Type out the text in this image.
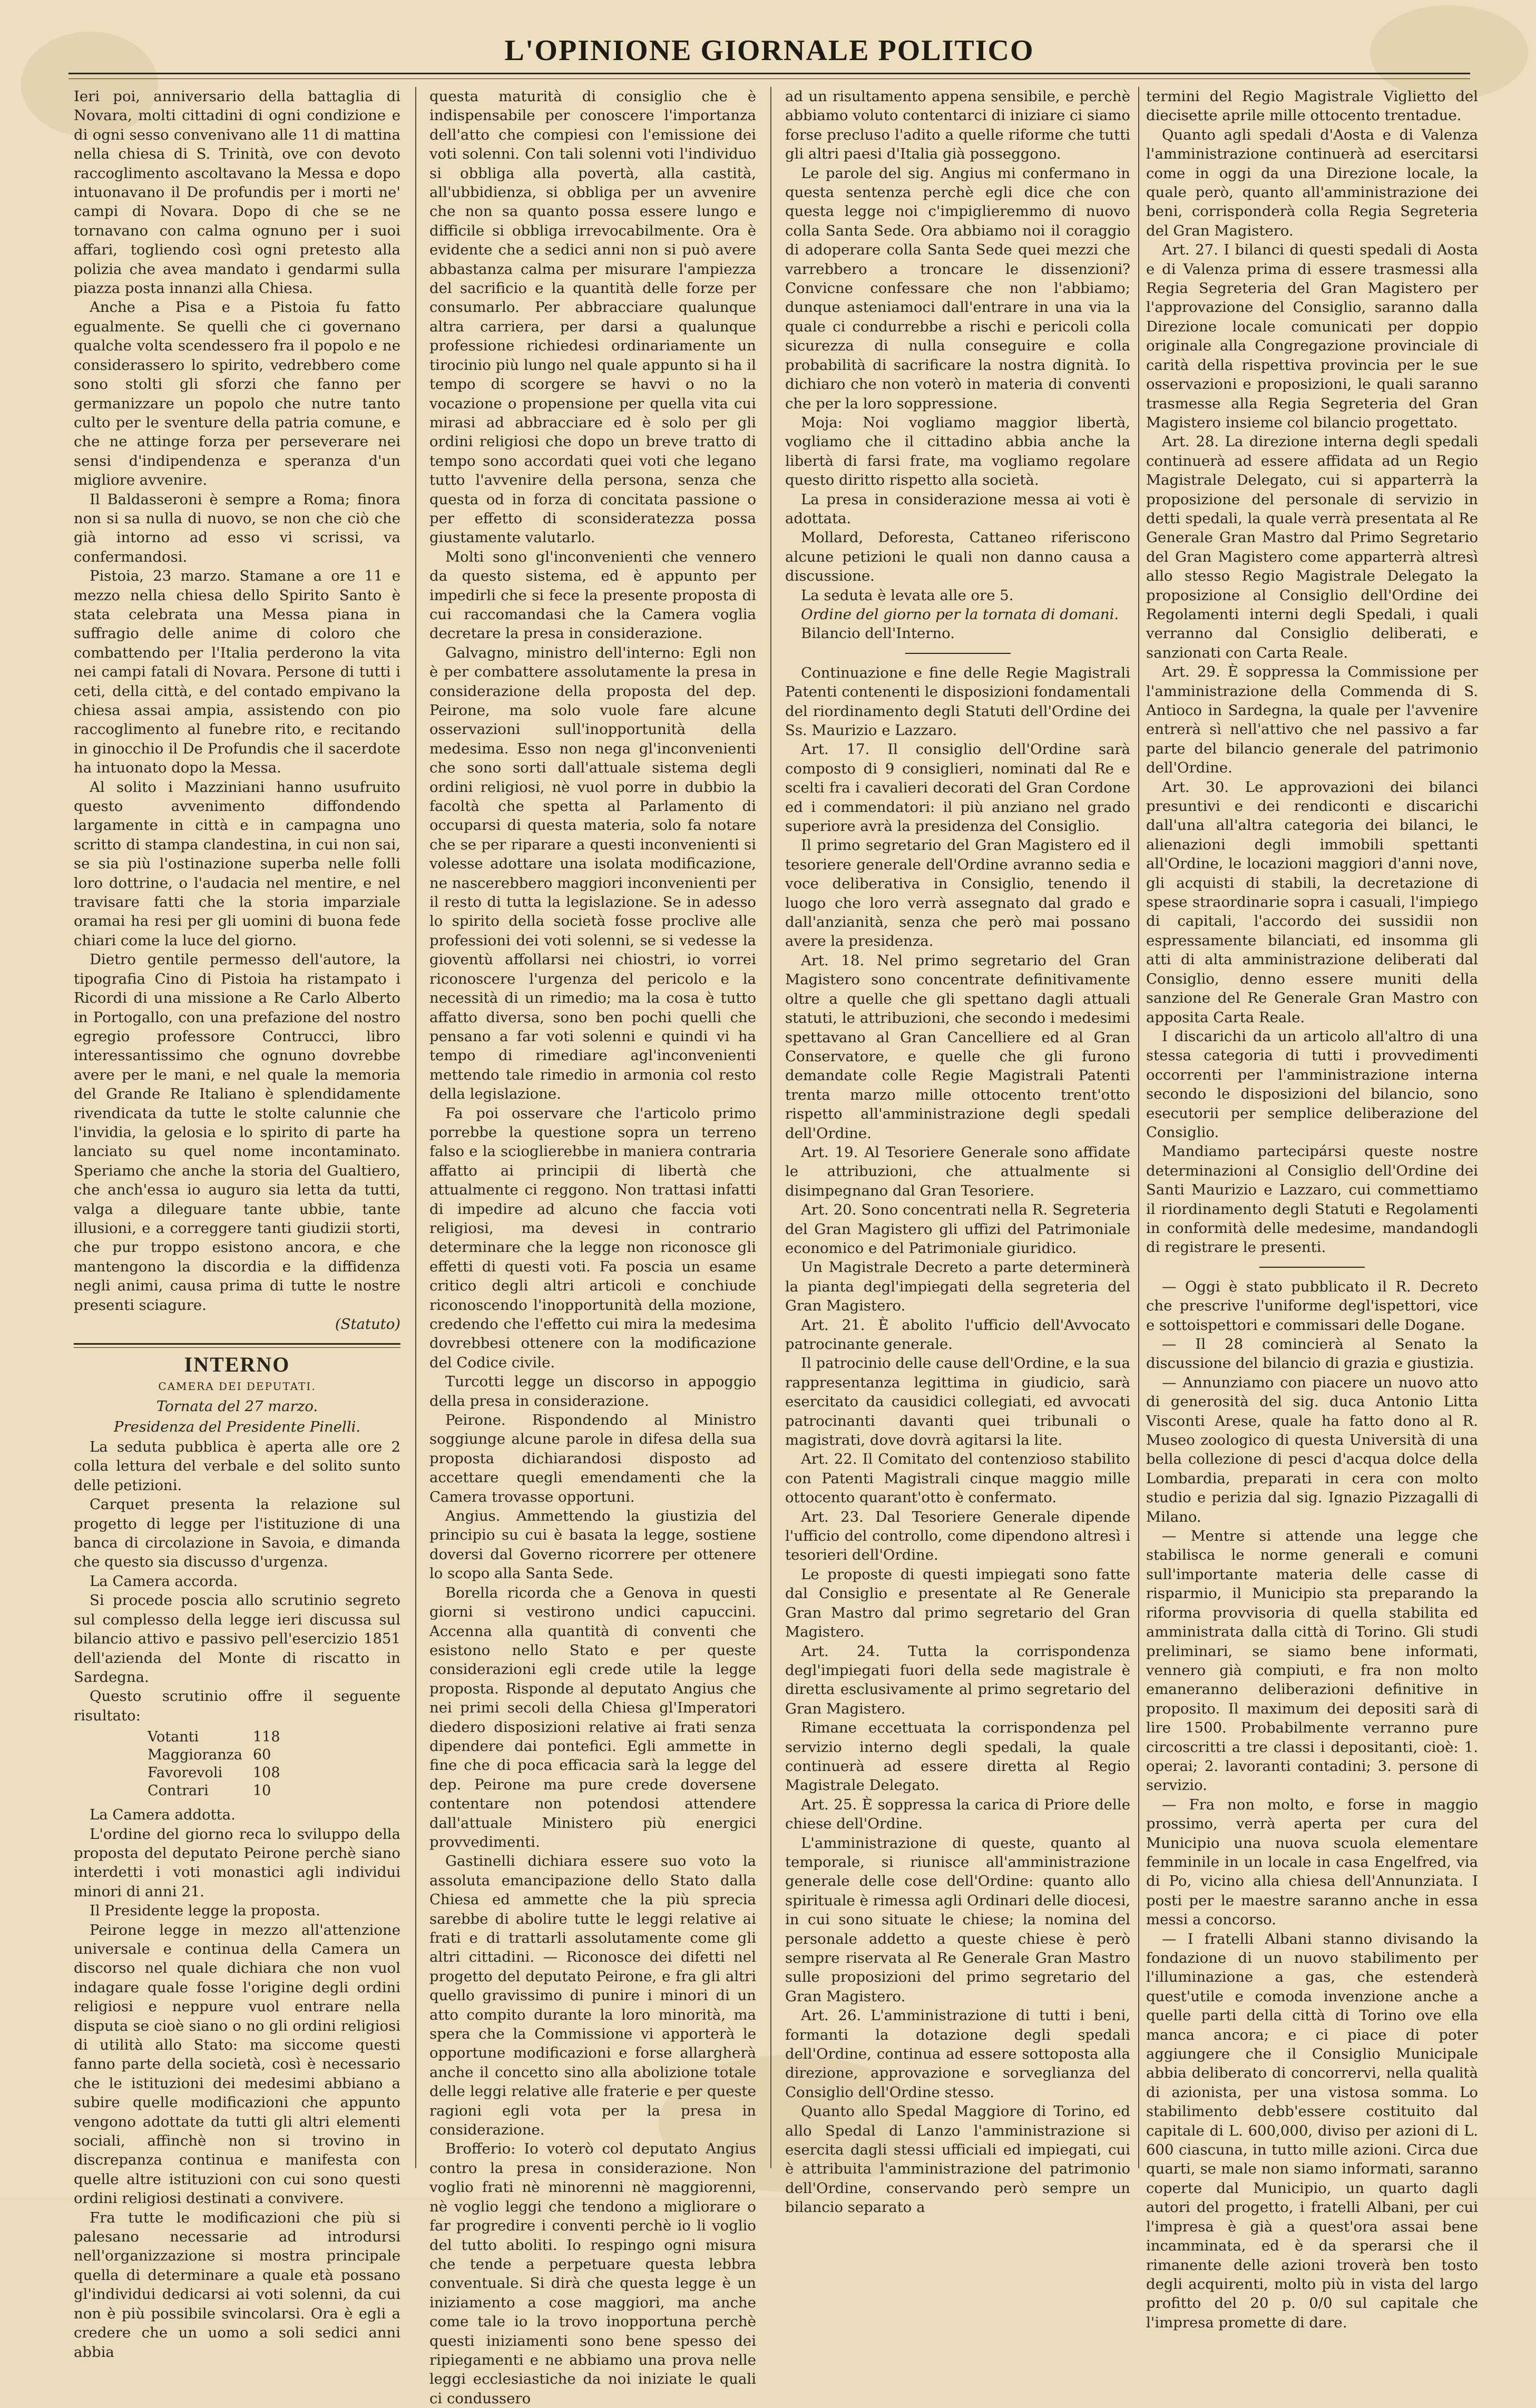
L'OPINIONE GIORNALE POLITICO

Ieri poi, anniversario della battaglia di Novara, molti cittadini di ogni condizione e di ogni sesso convenivano alle 11 di mattina nella chiesa di S. Trinità, ove con devoto raccoglimento ascoltavano la Messa e dopo intuonavano il De profundis per i morti ne' campi di Novara. Dopo di che se ne tornavano con calma ognuno per i suoi affari, togliendo così ogni pretesto alla polizia che avea mandato i gendarmi sulla piazza posta innanzi alla Chiesa.

Anche a Pisa e a Pistoia fu fatto egualmente. Se quelli che ci governano qualche volta scendessero fra il popolo e ne considerassero lo spirito, vedrebbero come sono stolti gli sforzi che fanno per germanizzare un popolo che nutre tanto culto per le sventure della patria comune, e che ne attinge forza per perseverare nei sensi d'indipendenza e speranza d'un migliore avvenire.

Il Baldasseroni è sempre a Roma; finora non si sa nulla di nuovo, se non che ciò che già intorno ad esso vi scrissi, va confermandosi.

Pistoia, 23 marzo. Stamane a ore 11 e mezzo nella chiesa dello Spirito Santo è stata celebrata una Messa piana in suffragio delle anime di coloro che combattendo per l'Italia perderono la vita nei campi fatali di Novara. Persone di tutti i ceti, della città, e del contado empivano la chiesa assai ampia, assistendo con pio raccoglimento al funebre rito, e recitando in ginocchio il De Profundis che il sacerdote ha intuonato dopo la Messa.

Al solito i Mazziniani hanno usufruito questo avvenimento diffondendo largamente in città e in campagna uno scritto di stampa clandestina, in cui non sai, se sia più l'ostinazione superba nelle folli loro dottrine, o l'audacia nel mentire, e nel travisare fatti che la storia imparziale oramai ha resi per gli uomini di buona fede chiari come la luce del giorno.

Dietro gentile permesso dell'autore, la tipografia Cino di Pistoia ha ristampato i Ricordi di una missione a Re Carlo Alberto in Portogallo, con una prefazione del nostro egregio professore Contrucci, libro interessantissimo che ognuno dovrebbe avere per le mani, e nel quale la memoria del Grande Re Italiano è splendidamente rivendicata da tutte le stolte calunnie che l'invidia, la gelosia e lo spirito di parte ha lanciato su quel nome incontaminato. Speriamo che anche la storia del Gualtiero, che anch'essa io auguro sia letta da tutti, valga a dileguare tante ubbie, tante illusioni, e a correggere tanti giudizii storti, che pur troppo esistono ancora, e che mantengono la discordia e la diffidenza negli animi, causa prima di tutte le nostre presenti sciagure.

(Statuto)

INTERNO
CAMERA DEI DEPUTATI.
Tornata del 27 marzo.
Presidenza del Presidente Pinelli.

La seduta pubblica è aperta alle ore 2 colla lettura del verbale e del solito sunto delle petizioni.

Carquet presenta la relazione sul progetto di legge per l'istituzione di una banca di circolazione in Savoia, e dimanda che questo sia discusso d'urgenza.

La Camera accorda.

Si procede poscia allo scrutinio segreto sul complesso della legge ieri discussa sul bilancio attivo e passivo pell'esercizio 1851 dell'azienda del Monte di riscatto in Sardegna.

Questo scrutinio offre il seguente risultato:

Votanti	118
Maggioranza 60
Favorevoli	108
Contrari	10

La Camera addotta.

L'ordine del giorno reca lo sviluppo della proposta del deputato Peirone perchè siano interdetti i voti monastici agli individui minori di anni 21.

Il Presidente legge la proposta.

Peirone legge in mezzo all'attenzione universale e continua della Camera un discorso nel quale dichiara che non vuol indagare quale fosse l'origine degli ordini religiosi e neppure vuol entrare nella disputa se cioè siano o no gli ordini religiosi di utilità allo Stato: ma siccome questi fanno parte della società, così è necessario che le istituzioni dei medesimi abbiano a subire quelle modificazioni che appunto vengono adottate da tutti gli altri elementi sociali, affinchè non si trovino in discrepanza continua e manifesta con quelle altre istituzioni con cui sono questi ordini religiosi destinati a convivere.

Fra tutte le modificazioni che più si palesano necessarie ad introdursi nell'organizzazione si mostra principale quella di determinare a quale età possano gl'individui dedicarsi ai voti solenni, da cui non è più possibile svincolarsi. Ora è egli a credere che un uomo a soli sedici anni abbia

questa maturità di consiglio che è indispensabile per conoscere l'importanza dell'atto che compiesi con l'emissione dei voti solenni. Con tali solenni voti l'individuo si obbliga alla povertà, alla castità, all'ubbidienza, si obbliga per un avvenire che non sa quanto possa essere lungo e difficile si obbliga irrevocabilmente. Ora è evidente che a sedici anni non si può avere abbastanza calma per misurare l'ampiezza del sacrificio e la quantità delle forze per consumarlo. Per abbracciare qualunque altra carriera, per darsi a qualunque professione richiedesi ordinariamente un tirocinio più lungo nel quale appunto si ha il tempo di scorgere se havvi o no la vocazione o propensione per quella vita cui mirasi ad abbracciare ed è solo per gli ordini religiosi che dopo un breve tratto di tempo sono accordati quei voti che legano tutto l'avvenire della persona, senza che questa od in forza di concitata passione o per effetto di sconsideratezza possa giustamente valutarlo.

Molti sono gl'inconvenienti che vennero da questo sistema, ed è appunto per impedirli che si fece la presente proposta di cui raccomandasi che la Camera voglia decretare la presa in considerazione.

Galvagno, ministro dell'interno: Egli non è per combattere assolutamente la presa in considerazione della proposta del dep. Peirone, ma solo vuole fare alcune osservazioni sull'inopportunità della medesima. Esso non nega gl'inconvenienti che sono sorti dall'attuale sistema degli ordini religiosi, nè vuol porre in dubbio la facoltà che spetta al Parlamento di occuparsi di questa materia, solo fa notare che se per riparare a questi inconvenienti si volesse adottare una isolata modificazione, ne nascerebbero maggiori inconvenienti per il resto di tutta la legislazione. Se in adesso lo spirito della società fosse proclive alle professioni dei voti solenni, se si vedesse la gioventù affollarsi nei chiostri, io vorrei riconoscere l'urgenza del pericolo e la necessità di un rimedio; ma la cosa è tutto affatto diversa, sono ben pochi quelli che pensano a far voti solenni e quindi vi ha tempo di rimediare agl'inconvenienti mettendo tale rimedio in armonia col resto della legislazione.

Fa poi osservare che l'articolo primo porrebbe la questione sopra un terreno falso e la scioglierebbe in maniera contraria affatto ai principii di libertà che attualmente ci reggono. Non trattasi infatti di impedire ad alcuno che faccia voti religiosi, ma devesi in contrario determinare che la legge non riconosce gli effetti di questi voti. Fa poscia un esame critico degli altri articoli e conchiude riconoscendo l'inopportunità della mozione, credendo che l'effetto cui mira la medesima dovrebbesi ottenere con la modificazione del Codice civile.

Turcotti legge un discorso in appoggio della presa in considerazione.

Peirone. Rispondendo al Ministro soggiunge alcune parole in difesa della sua proposta dichiarandosi disposto ad accettare quegli emendamenti che la Camera trovasse opportuni.

Angius. Ammettendo la giustizia del principio su cui è basata la legge, sostiene doversi dal Governo ricorrere per ottenere lo scopo alla Santa Sede.

Borella ricorda che a Genova in questi giorni si vestirono undici capuccini. Accenna alla quantità di conventi che esistono nello Stato e per queste considerazioni egli crede utile la legge proposta. Risponde al deputato Angius che nei primi secoli della Chiesa gl'Imperatori diedero disposizioni relative ai frati senza dipendere dai pontefici. Egli ammette in fine che di poca efficacia sarà la legge del dep. Peirone ma pure crede doversene contentare non potendosi attendere dall'attuale Ministero più energici provvedimenti.

Gastinelli dichiara essere suo voto la assoluta emancipazione dello Stato dalla Chiesa ed ammette che la più sprecia sarebbe di abolire tutte le leggi relative ai frati e di trattarli assolutamente come gli altri cittadini. — Riconosce dei difetti nel progetto del deputato Peirone, e fra gli altri quello gravissimo di punire i minori di un atto compito durante la loro minorità, ma spera che la Commissione vi apporterà le opportune modificazioni e forse allargherà anche il concetto sino alla abolizione totale delle leggi relative alle fraterie e per queste ragioni egli vota per la presa in considerazione.

Brofferio: Io voterò col deputato Angius contro la presa in considerazione. Non voglio frati nè minorenni nè maggiorenni, nè voglio leggi che tendono a migliorare o far progredire i conventi perchè io li voglio del tutto aboliti. Io respingo ogni misura che tende a perpetuare questa lebbra conventuale. Si dirà che questa legge è un iniziamento a cose maggiori, ma anche come tale io la trovo inopportuna perchè questi iniziamenti sono bene spesso dei ripiegamenti e ne abbiamo una prova nelle leggi ecclesiastiche da noi iniziate le quali ci condussero

ad un risultamento appena sensibile, e perchè abbiamo voluto contentarci di iniziare ci siamo forse precluso l'adito a quelle riforme che tutti gli altri paesi d'Italia già posseggono.

Le parole del sig. Angius mi confermano in questa sentenza perchè egli dice che con questa legge noi c'impiglieremmo di nuovo colla Santa Sede. Ora abbiamo noi il coraggio di adoperare colla Santa Sede quei mezzi che varrebbero a troncare le dissenzioni? Convicne confessare che non l'abbiamo; dunque asteniamoci dall'entrare in una via la quale ci condurrebbe a rischi e pericoli colla sicurezza di nulla conseguire e colla probabilità di sacrificare la nostra dignità. Io dichiaro che non voterò in materia di conventi che per la loro soppressione.

Moja: Noi vogliamo maggior libertà, vogliamo che il cittadino abbia anche la libertà di farsi frate, ma vogliamo regolare questo diritto rispetto alla società.

La presa in considerazione messa ai voti è adottata.

Mollard, Deforesta, Cattaneo riferiscono alcune petizioni le quali non danno causa a discussione.

La seduta è levata alle ore 5.

Ordine del giorno per la tornata di domani.

Bilancio dell'Interno.

Continuazione e fine delle Regie Magistrali Patenti contenenti le disposizioni fondamentali del riordinamento degli Statuti dell'Ordine dei Ss. Maurizio e Lazzaro.

Art. 17. Il consiglio dell'Ordine sarà composto di 9 consiglieri, nominati dal Re e scelti fra i cavalieri decorati del Gran Cordone ed i commendatori: il più anziano nel grado superiore avrà la presidenza del Consiglio.

Il primo segretario del Gran Magistero ed il tesoriere generale dell'Ordine avranno sedia e voce deliberativa in Consiglio, tenendo il luogo che loro verrà assegnato dal grado e dall'anzianità, senza che però mai possano avere la presidenza.

Art. 18. Nel primo segretario del Gran Magistero sono concentrate definitivamente oltre a quelle che gli spettano dagli attuali statuti, le attribuzioni, che secondo i medesimi spettavano al Gran Cancelliere ed al Gran Conservatore, e quelle che gli furono demandate colle Regie Magistrali Patenti trenta marzo mille ottocento trent'otto rispetto all'amministrazione degli spedali dell'Ordine.

Art. 19. Al Tesoriere Generale sono affidate le attribuzioni, che attualmente si disimpegnano dal Gran Tesoriere.

Art. 20. Sono concentrati nella R. Segreteria del Gran Magistero gli uffizi del Patrimoniale economico e del Patrimoniale giuridico.

Un Magistrale Decreto a parte determinerà la pianta degl'impiegati della segreteria del Gran Magistero.

Art. 21. È abolito l'ufficio dell'Avvocato patrocinante generale.

Il patrocinio delle cause dell'Ordine, e la sua rappresentanza legittima in giudicio, sarà esercitato da causidici collegiati, ed avvocati patrocinanti davanti quei tribunali o magistrati, dove dovrà agitarsi la lite.

Art. 22. Il Comitato del contenzioso stabilito con Patenti Magistrali cinque maggio mille ottocento quarant'otto è confermato.

Art. 23. Dal Tesoriere Generale dipende l'ufficio del controllo, come dipendono altresì i tesorieri dell'Ordine.

Le proposte di questi impiegati sono fatte dal Consiglio e presentate al Re Generale Gran Mastro dal primo segretario del Gran Magistero.

Art. 24. Tutta la corrispondenza degl'impiegati fuori della sede magistrale è diretta esclusivamente al primo segretario del Gran Magistero.

Rimane eccettuata la corrispondenza pel servizio interno degli spedali, la quale continuerà ad essere diretta al Regio Magistrale Delegato.

Art. 25. È soppressa la carica di Priore delle chiese dell'Ordine.

L'amministrazione di queste, quanto al temporale, si riunisce all'amministrazione generale delle cose dell'Ordine: quanto allo spirituale è rimessa agli Ordinari delle diocesi, in cui sono situate le chiese; la nomina del personale addetto a queste chiese è però sempre riservata al Re Generale Gran Mastro sulle proposizioni del primo segretario del Gran Magistero.

Art. 26. L'amministrazione di tutti i beni, formanti la dotazione degli spedali dell'Ordine, continua ad essere sottoposta alla direzione, approvazione e sorveglianza del Consiglio dell'Ordine stesso.

Quanto allo Spedal Maggiore di Torino, ed allo Spedal di Lanzo l'amministrazione si esercita dagli stessi ufficiali ed impiegati, cui è attribuita l'amministrazione del patrimonio dell'Ordine, conservando però sempre un bilancio separato a

termini del Regio Magistrale Viglietto del diecisette aprile mille ottocento trentadue.

Quanto agli spedali d'Aosta e di Valenza l'amministrazione continuerà ad esercitarsi come in oggi da una Direzione locale, la quale però, quanto all'amministrazione dei beni, corrisponderà colla Regia Segreteria del Gran Magistero.

Art. 27. I bilanci di questi spedali di Aosta e di Valenza prima di essere trasmessi alla Regia Segreteria del Gran Magistero per l'approvazione del Consiglio, saranno dalla Direzione locale comunicati per doppio originale alla Congregazione provinciale di carità della rispettiva provincia per le sue osservazioni e proposizioni, le quali saranno trasmesse alla Regia Segreteria del Gran Magistero insieme col bilancio progettato.

Art. 28. La direzione interna degli spedali continuerà ad essere affidata ad un Regio Magistrale Delegato, cui si apparterrà la proposizione del personale di servizio in detti spedali, la quale verrà presentata al Re Generale Gran Mastro dal Primo Segretario del Gran Magistero come apparterrà altresì allo stesso Regio Magistrale Delegato la proposizione al Consiglio dell'Ordine dei Regolamenti interni degli Spedali, i quali verranno dal Consiglio deliberati, e sanzionati con Carta Reale.

Art. 29. È soppressa la Commissione per l'amministrazione della Commenda di S. Antioco in Sardegna, la quale per l'avvenire entrerà sì nell'attivo che nel passivo a far parte del bilancio generale del patrimonio dell'Ordine.

Art. 30. Le approvazioni dei bilanci presuntivi e dei rendiconti e discarichi dall'una all'altra categoria dei bilanci, le alienazioni degli immobili spettanti all'Ordine, le locazioni maggiori d'anni nove, gli acquisti di stabili, la decretazione di spese straordinarie sopra i casuali, l'impiego di capitali, l'accordo dei sussidii non espressamente bilanciati, ed insomma gli atti di alta amministrazione deliberati dal Consiglio, denno essere muniti della sanzione del Re Generale Gran Mastro con apposita Carta Reale.

I discarichi da un articolo all'altro di una stessa categoria di tutti i provvedimenti occorrenti per l'amministrazione interna secondo le disposizioni del bilancio, sono esecutorii per semplice deliberazione del Consiglio.

Mandiamo partecipársi queste nostre determinazioni al Consiglio dell'Ordine dei Santi Maurizio e Lazzaro, cui commettiamo il riordinamento degli Statuti e Regolamenti in conformità delle medesime, mandandogli di registrare le presenti.

— Oggi è stato pubblicato il R. Decreto che prescrive l'uniforme degl'ispettori, vice e sottoispettori e commissari delle Dogane.

— Il 28 comincierà al Senato la discussione del bilancio di grazia e giustizia.

— Annunziamo con piacere un nuovo atto di generosità del sig. duca Antonio Litta Visconti Arese, quale ha fatto dono al R. Museo zoologico di questa Università di una bella collezione di pesci d'acqua dolce della Lombardia, preparati in cera con molto studio e perizia dal sig. Ignazio Pizzagalli di Milano.

— Mentre si attende una legge che stabilisca le norme generali e comuni sull'importante materia delle casse di risparmio, il Municipio sta preparando la riforma provvisoria di quella stabilita ed amministrata dalla città di Torino. Gli studi preliminari, se siamo bene informati, vennero già compiuti, e fra non molto emaneranno deliberazioni definitive in proposito. Il maximum dei depositi sarà di lire 1500. Probabilmente verranno pure circoscritti a tre classi i depositanti, cioè: 1. operai; 2. lavoranti contadini; 3. persone di servizio.

— Fra non molto, e forse in maggio prossimo, verrà aperta per cura del Municipio una nuova scuola elementare femminile in un locale in casa Engelfred, via di Po, vicino alla chiesa dell'Annunziata. I posti per le maestre saranno anche in essa messi a concorso.

— I fratelli Albani stanno divisando la fondazione di un nuovo stabilimento per l'illuminazione a gas, che estenderà quest'utile e comoda invenzione anche a quelle parti della città di Torino ove ella manca ancora; e ci piace di poter aggiungere che il Consiglio Municipale abbia deliberato di concorrervi, nella qualità di azionista, per una vistosa somma. Lo stabilimento debb'essere costituito dal capitale di L. 600,000, diviso per azioni di L. 600 ciascuna, in tutto mille azioni. Circa due quarti, se male non siamo informati, saranno coperte dal Municipio, un quarto dagli autori del progetto, i fratelli Albani, per cui l'impresa è già a quest'ora assai bene incamminata, ed è da sperarsi che il rimanente delle azioni troverà ben tosto degli acquirenti, molto più in vista del largo profitto del 20 p. 0/0 sul capitale che l'impresa promette di dare.
